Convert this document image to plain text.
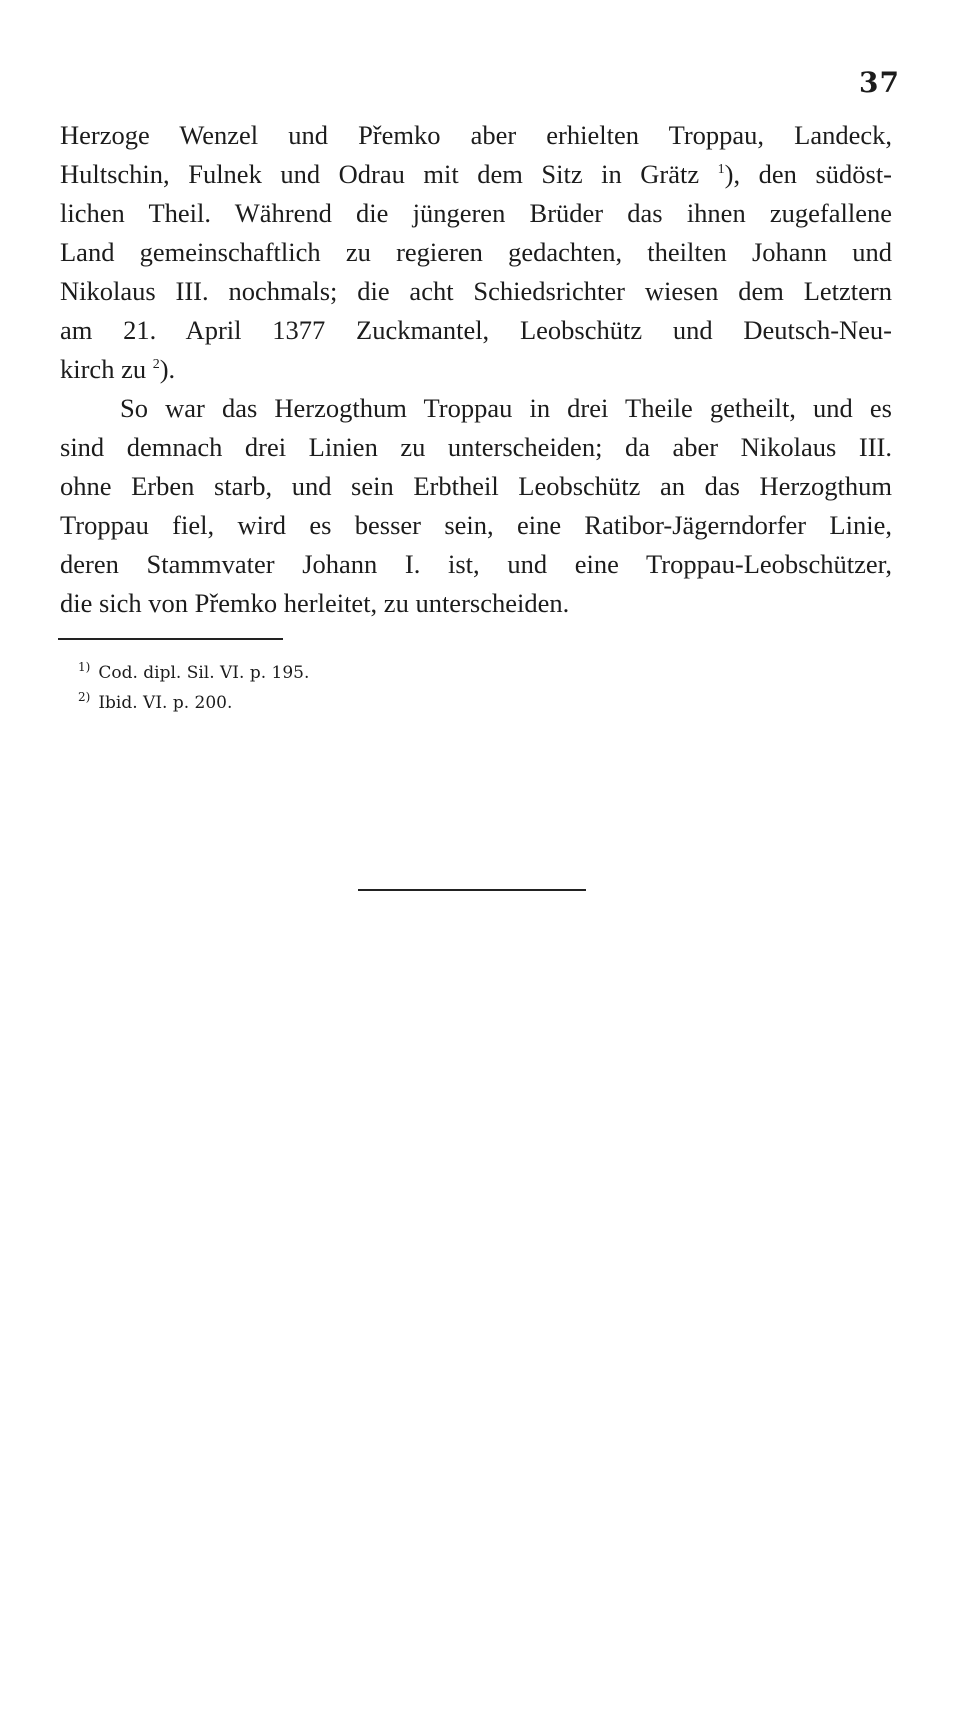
37
Herzoge Wenzel und Přemko aber erhielten Troppau, Landeck,
Hultschin, Fulnek und Odrau mit dem Sitz in Grätz $^1$), den südöst-
lichen Theil. Während die jüngeren Brüder das ihnen zugefallene
Land gemeinschaftlich zu regieren gedachten, theilten Johann und
Nikolaus III. nochmals; die acht Schiedsrichter wiesen dem Letztern
am 21. April 1377 Zuckmantel, Leobschütz und Deutsch-Neu-
kirch zu $^2$).
So war das Herzogthum Troppau in drei Theile getheilt, und es
sind demnach drei Linien zu unterscheiden; da aber Nikolaus III.
ohne Erben starb, und sein Erbtheil Leobschütz an das Herzogthum
Troppau fiel, wird es besser sein, eine Ratibor-Jägerndorfer Linie,
deren Stammvater Johann I. ist, und eine Troppau-Leobschützer,
die sich von Přemko herleitet, zu unterscheiden.
$^{1)}$ Cod. dipl. Sil. VI. p. 195.
$^{2)}$ Ibid. VI. p. 200.
